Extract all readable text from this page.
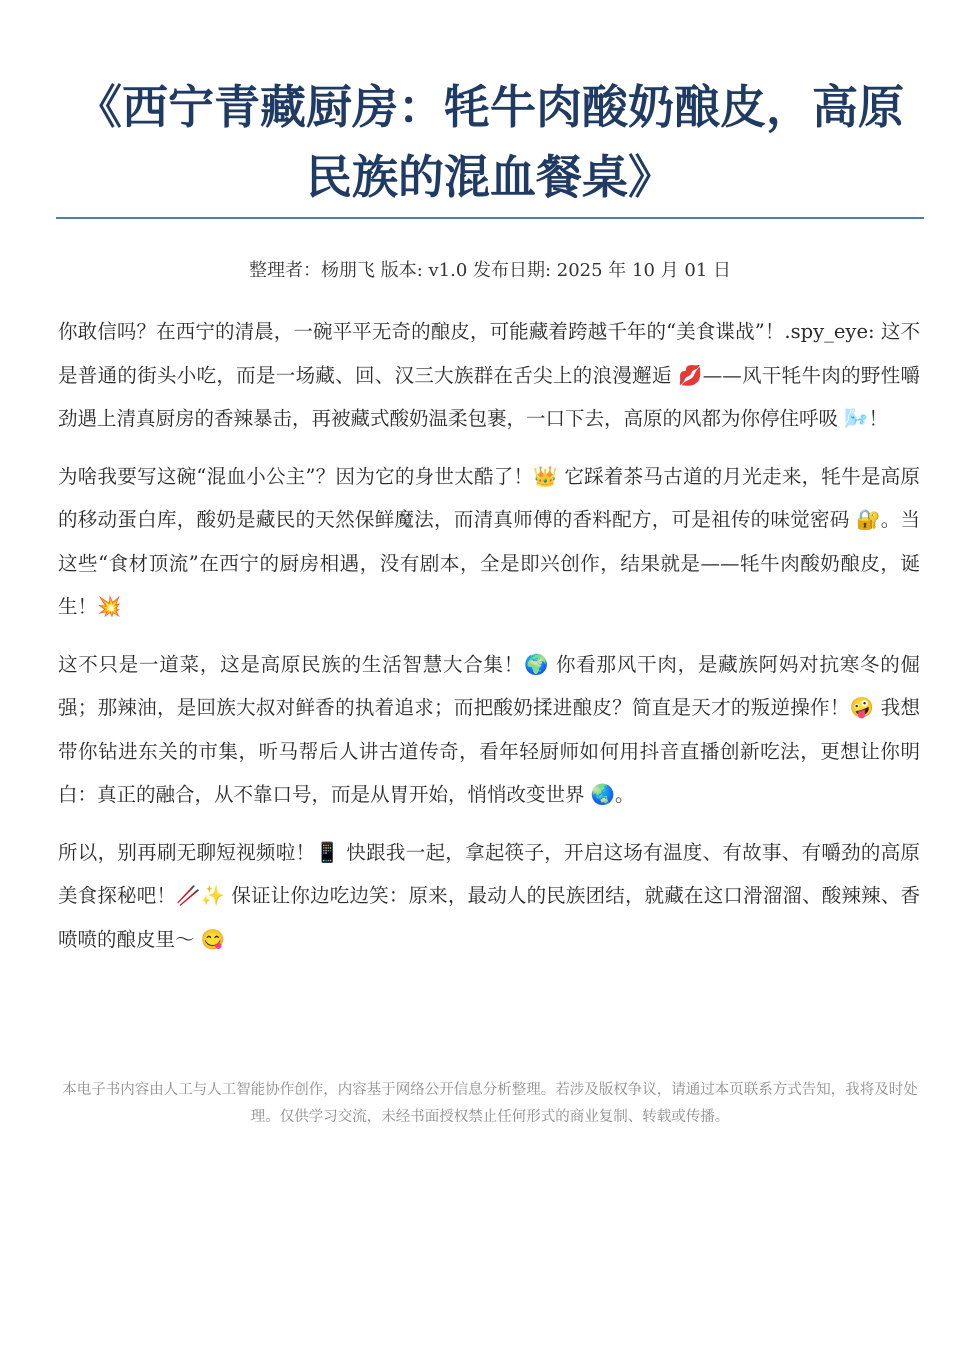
《西宁青藏厨房：牦牛肉酸奶酿皮，高原民族的混血餐桌》
整理者：杨朋飞 版本: v1.0 发布日期: 2025 年 10 月 01 日

你敢信吗？在西宁的清晨，一碗平平无奇的酿皮，可能藏着跨越千年的“美食谍战”！.spy_eye: 这不是普通的街头小吃，而是一场藏、回、汉三大族群在舌尖上的浪漫邂逅 💋——风干牦牛肉的野性嚼劲遇上清真厨房的香辣暴击，再被藏式酸奶温柔包裹，一口下去，高原的风都为你停住呼吸 🌬️！

为啥我要写这碗“混血小公主”？因为它的身世太酷了！👑 它踩着茶马古道的月光走来，牦牛是高原的移动蛋白库，酸奶是藏民的天然保鲜魔法，而清真师傅的香料配方，可是祖传的味觉密码 🔐。当这些“食材顶流”在西宁的厨房相遇，没有剧本，全是即兴创作，结果就是——牦牛肉酸奶酿皮，诞生！💥

这不只是一道菜，这是高原民族的生活智慧大合集！🌍 你看那风干肉，是藏族阿妈对抗寒冬的倔强；那辣油，是回族大叔对鲜香的执着追求；而把酸奶揉进酿皮？简直是天才的叛逆操作！🤪 我想带你钻进东关的市集，听马帮后人讲古道传奇，看年轻厨师如何用抖音直播创新吃法，更想让你明白：真正的融合，从不靠口号，而是从胃开始，悄悄改变世界 🌏。

所以，别再刷无聊短视频啦！📱 快跟我一起，拿起筷子，开启这场有温度、有故事、有嚼劲的高原美食探秘吧！🥢✨ 保证让你边吃边笑：原来，最动人的民族团结，就藏在这口滑溜溜、酸辣辣、香喷喷的酿皮里～ 😋

本电子书内容由人工与人工智能协作创作，内容基于网络公开信息分析整理。若涉及版权争议，请通过本页联系方式告知，我将及时处理。仅供学习交流，未经书面授权禁止任何形式的商业复制、转载或传播。
